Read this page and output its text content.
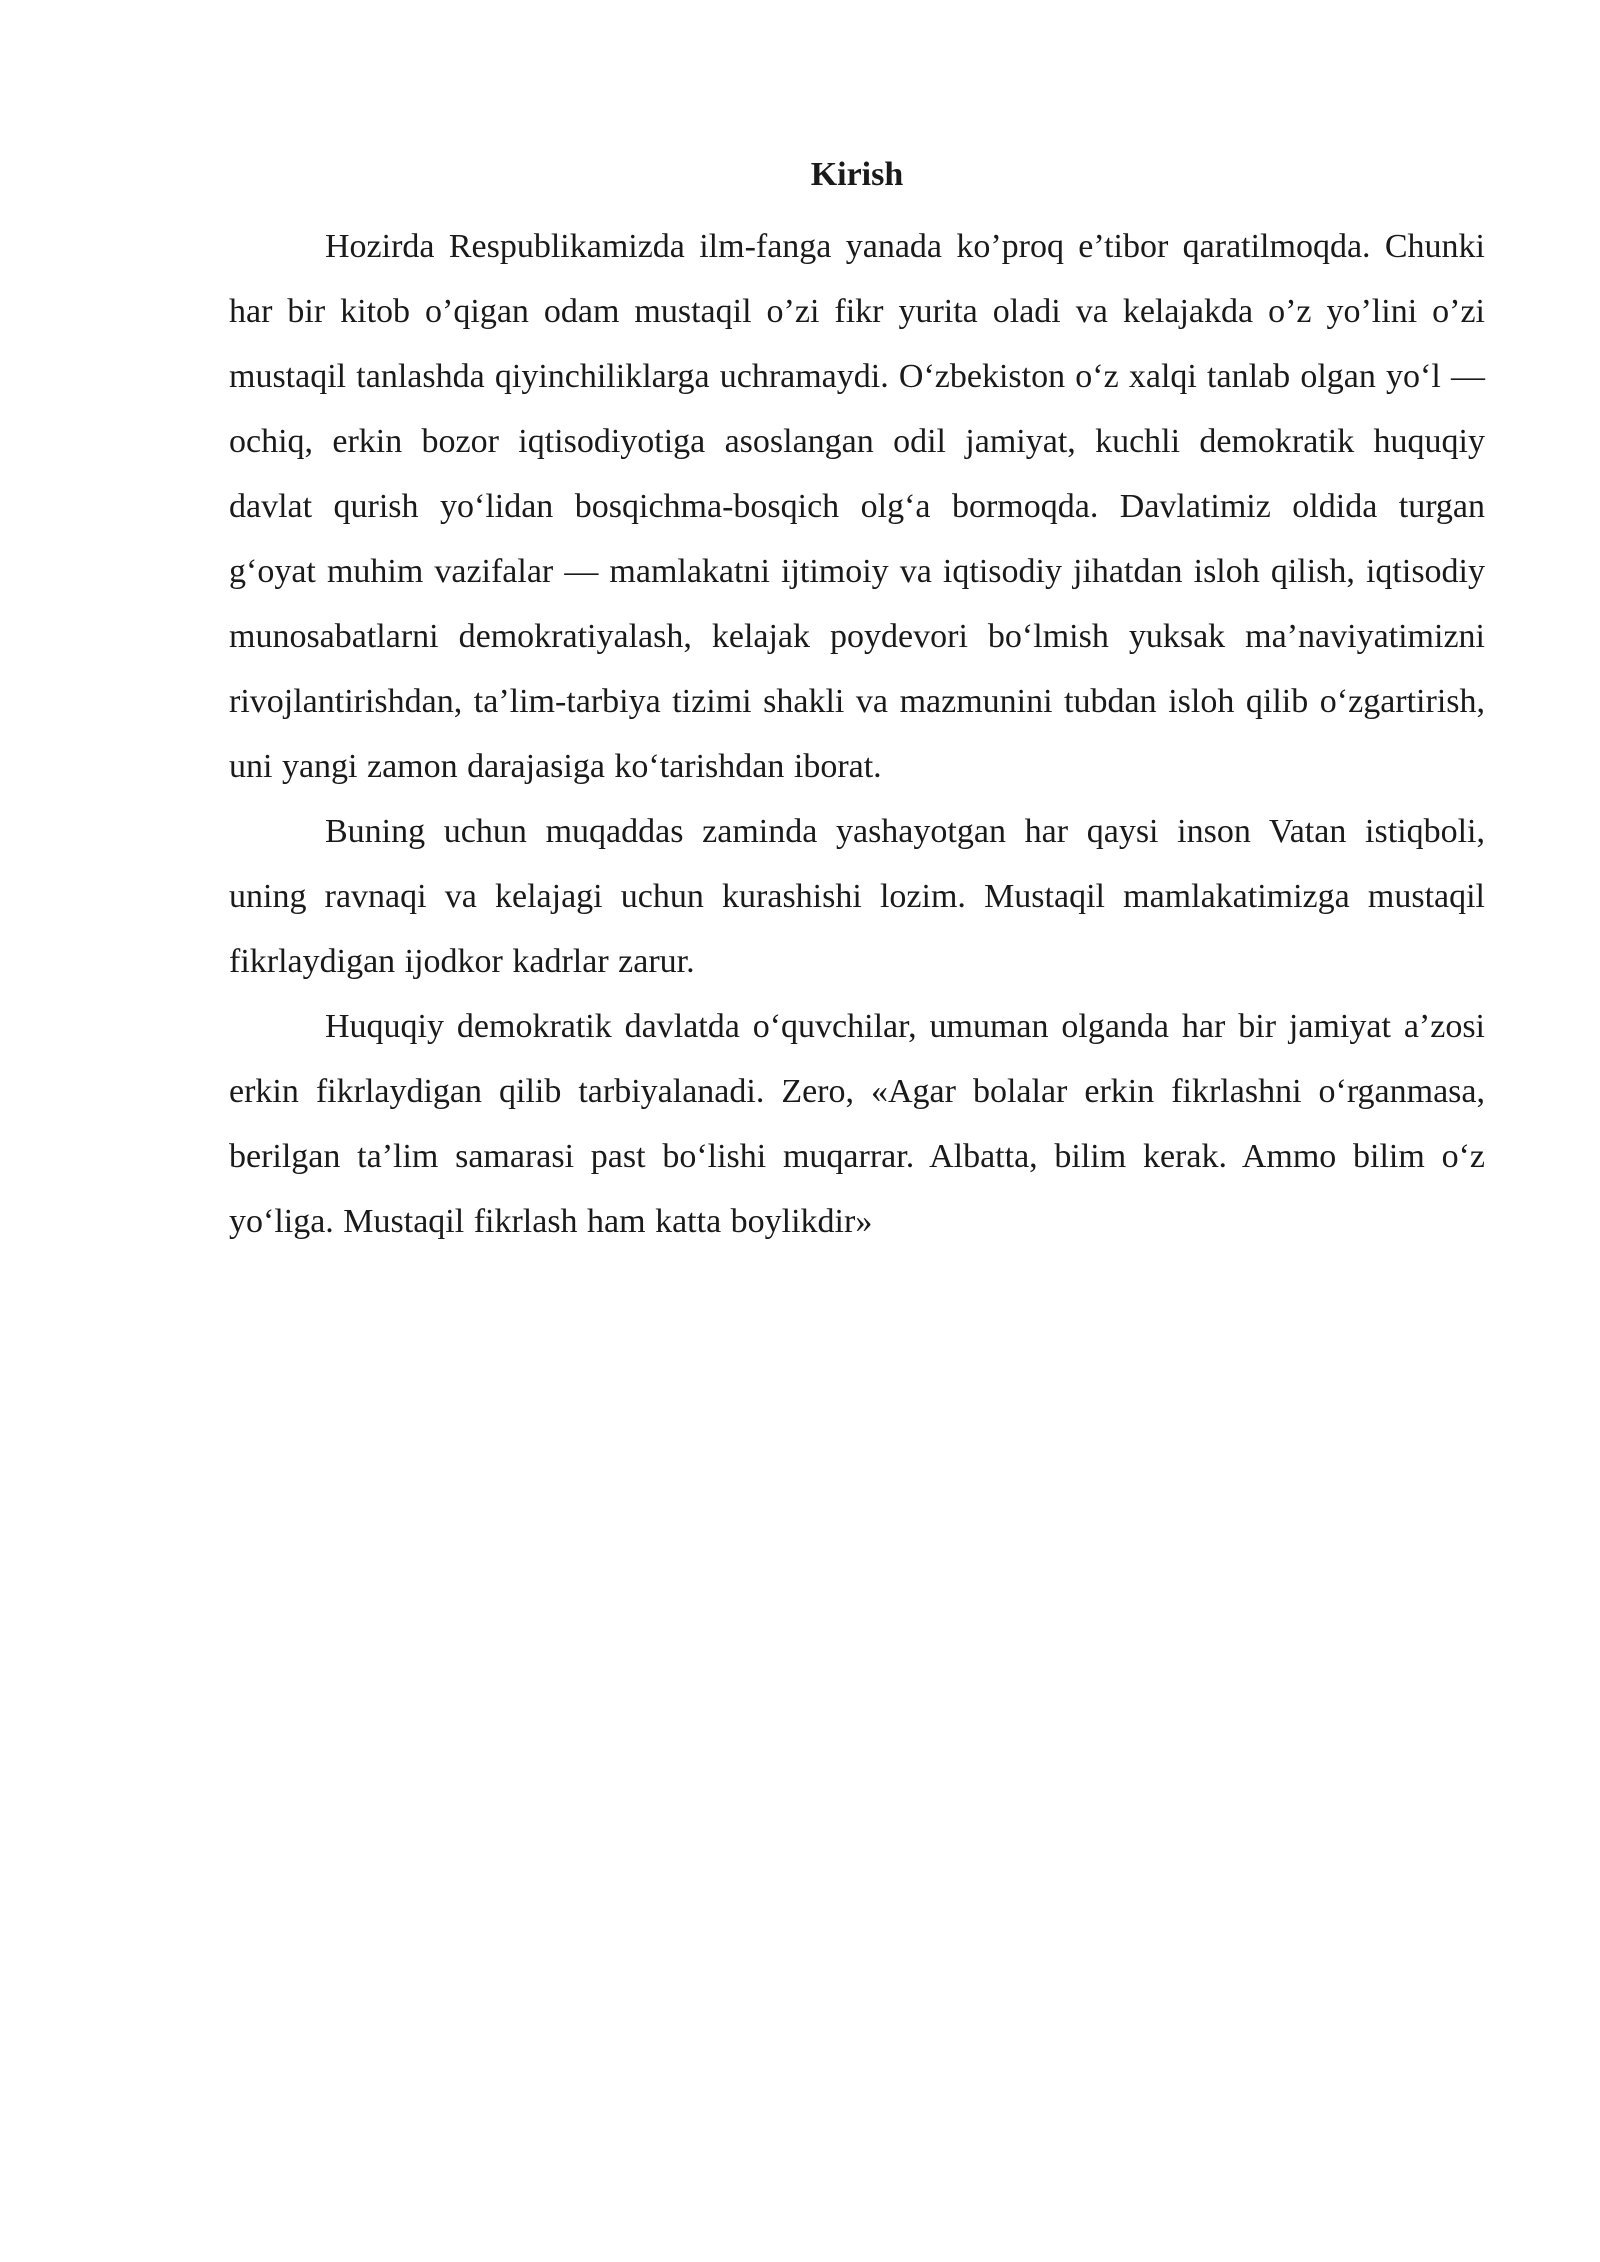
Kirish

Hozirda Respublikamizda ilm-fanga yanada ko’proq e’tibor qaratilmoqda. Chunki har bir kitob o’qigan odam mustaqil o’zi fikr yurita oladi va kelajakda o’z yo’lini o’zi mustaqil tanlashda qiyinchiliklarga uchramaydi. O‘zbekiston o‘z xalqi tanlab olgan yo‘l — ochiq, erkin bozor iqtisodiyotiga asoslangan odil jamiyat, kuchli demokratik huquqiy davlat qurish yo‘lidan bosqichma-bosqich olg‘a bormoqda. Davlatimiz oldida turgan g‘oyat muhim vazifalar — mamlakatni ijtimoiy va iqtisodiy jihatdan isloh qilish, iqtisodiy munosabatlarni demokratiyalash, kelajak poydevori bo‘lmish yuksak ma’naviyatimizni rivojlantirishdan, ta’lim-tarbiya tizimi shakli va mazmunini tubdan isloh qilib o‘zgartirish, uni yangi zamon darajasiga ko‘tarishdan iborat.

Buning uchun muqaddas zaminda yashayotgan har qaysi inson Vatan istiqboli, uning ravnaqi va kelajagi uchun kurashishi lozim. Mustaqil mamlakatimizga mustaqil fikrlaydigan ijodkor kadrlar zarur.

Huquqiy demokratik davlatda o‘quvchilar, umuman olganda har bir jamiyat a’zosi erkin fikrlaydigan qilib tarbiyalanadi. Zero, «Agar bolalar erkin fikrlashni o‘rganmasa, berilgan ta’lim samarasi past bo‘lishi muqarrar. Albatta, bilim kerak. Ammo bilim o‘z yo‘liga. Mustaqil fikrlash ham katta boylikdir»
